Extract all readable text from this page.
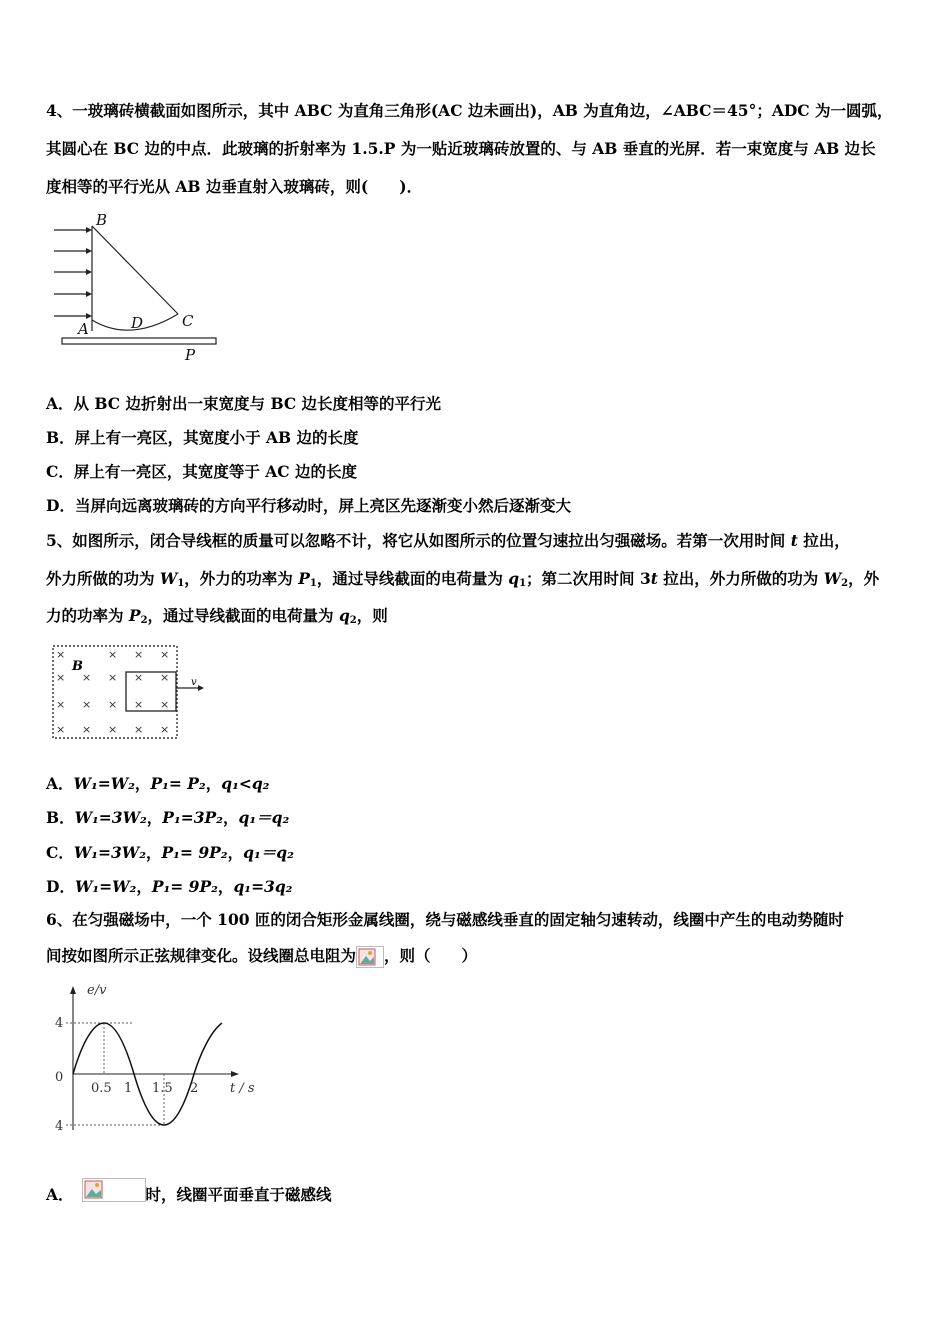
4、一玻璃砖横截面如图所示，其中 ABC 为直角三角形(AC 边未画出)，AB 为直角边，∠ABC＝45°；ADC 为一圆弧，
其圆心在 BC 边的中点．此玻璃的折射率为 1.5.P 为一贴近玻璃砖放置的、与 AB 垂直的光屏．若一束宽度与 AB 边长
度相等的平行光从 AB 边垂直射入玻璃砖，则(　　)．
B
A	D	C
P
A．从 BC 边折射出一束宽度与 BC 边长度相等的平行光
B．屏上有一亮区，其宽度小于 AB 边的长度
C．屏上有一亮区，其宽度等于 AC 边的长度
D．当屏向远离玻璃砖的方向平行移动时，屏上亮区先逐渐变小然后逐渐变大
5、如图所示，闭合导线框的质量可以忽略不计，将它从如图所示的位置匀速拉出匀强磁场。若第一次用时间 t 拉出，
外力所做的功为 $W_1$，外力的功率为 $P_1$，通过导线截面的电荷量为 $q_1$；第二次用时间 3t 拉出，外力所做的功为 $W_2$，外
力的功率为 $P_2$，通过导线截面的电荷量为 $q_2$，则
×	× × ×
× × × × ×
× × × × ×
× × × × ×
B
v
A．W₁=W₂，P₁= P₂，q₁<q₂
B．W₁=3W₂，P₁=3P₂，q₁＝q₂
C．W₁=3W₂，P₁= 9P₂，q₁＝q₂
D．W₁=W₂，P₁= 9P₂，q₁=3q₂
6、在匀强磁场中，一个 100 匝的闭合矩形金属线圈，绕与磁感线垂直的固定轴匀速转动，线圈中产生的电动势随时
间按如图所示正弦规律变化。设线圈总电阻为 ，则（　　）
e/v
4
0
4
0.5 1 1.5 2 t / s
A．	时，线圈平面垂直于磁感线
